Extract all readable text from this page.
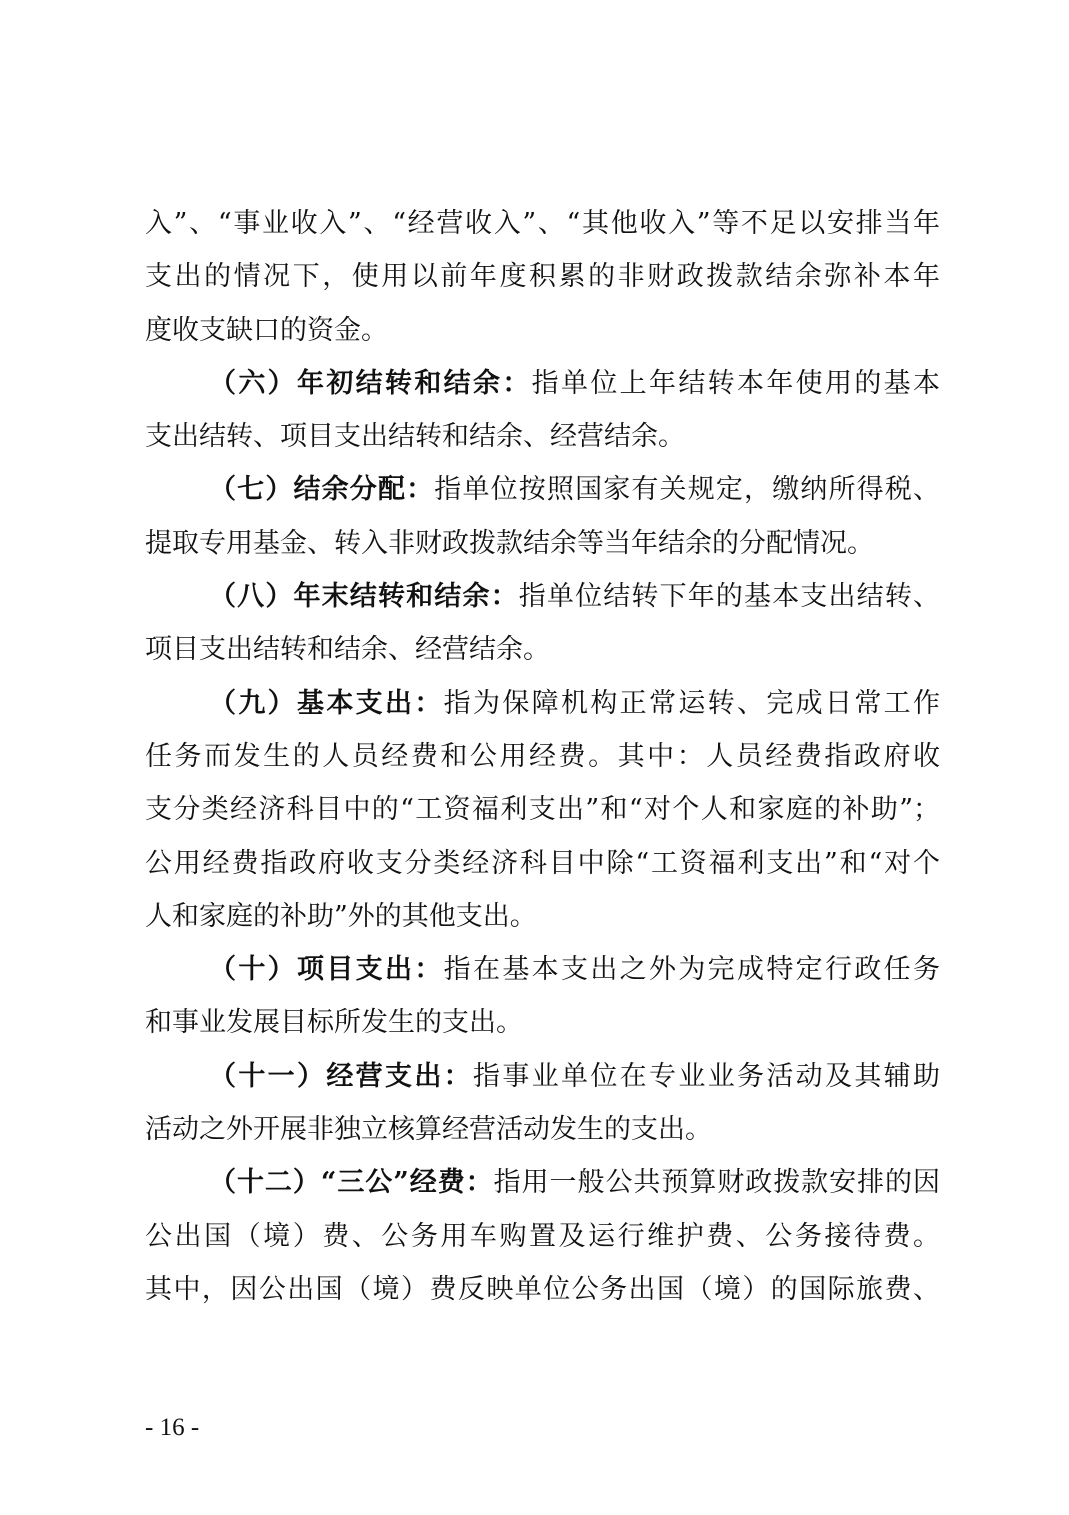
入”、“事业收入”、“经营收入”、“其他收入”等不足以安排当年
支出的情况下，使用以前年度积累的非财政拨款结余弥补本年
度收支缺口的资金。
（六）年初结转和结余：指单位上年结转本年使用的基本
支出结转、项目支出结转和结余、经营结余。
（七）结余分配：指单位按照国家有关规定，缴纳所得税、
提取专用基金、转入非财政拨款结余等当年结余的分配情况。
（八）年末结转和结余：指单位结转下年的基本支出结转、
项目支出结转和结余、经营结余。
（九）基本支出：指为保障机构正常运转、完成日常工作
任务而发生的人员经费和公用经费。其中：人员经费指政府收
支分类经济科目中的“工资福利支出”和“对个人和家庭的补助”；
公用经费指政府收支分类经济科目中除“工资福利支出”和“对个
人和家庭的补助”外的其他支出。
（十）项目支出：指在基本支出之外为完成特定行政任务
和事业发展目标所发生的支出。
（十一）经营支出：指事业单位在专业业务活动及其辅助
活动之外开展非独立核算经营活动发生的支出。
（十二）“三公”经费：指用一般公共预算财政拨款安排的因
公出国（境）费、公务用车购置及运行维护费、公务接待费。
其中，因公出国（境）费反映单位公务出国（境）的国际旅费、
- 16 -
